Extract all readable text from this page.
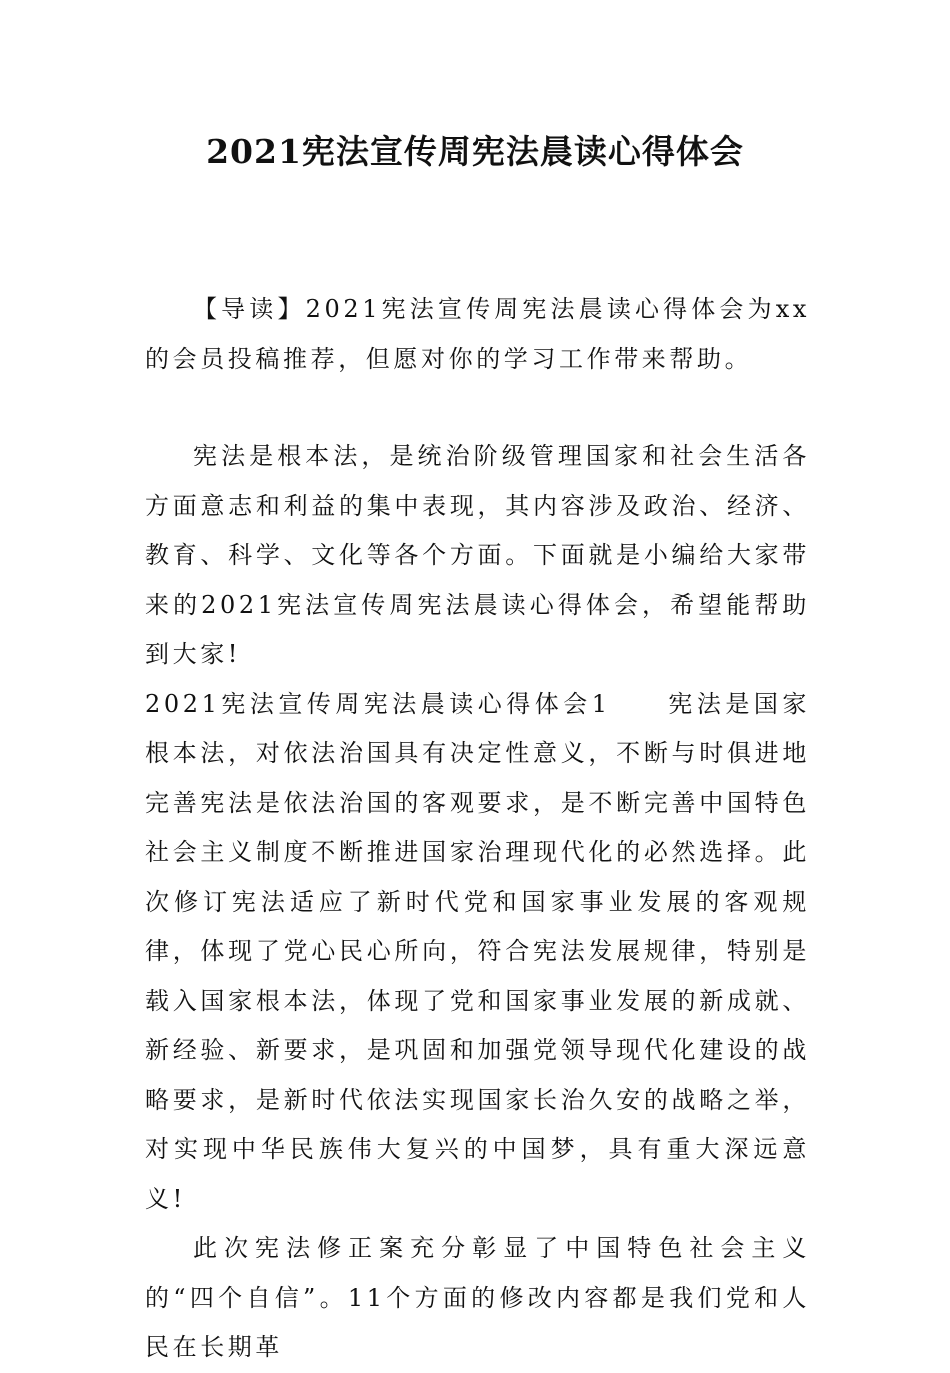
2021宪法宣传周宪法晨读心得体会

【导读】2021宪法宣传周宪法晨读心得体会为xx的会员投稿推荐，但愿对你的学习工作带来帮助。

宪法是根本法，是统治阶级管理国家和社会生活各方面意志和利益的集中表现，其内容涉及政治、经济、教育、科学、文化等各个方面。下面就是小编给大家带来的2021宪法宣传周宪法晨读心得体会，希望能帮助到大家!

2021宪法宣传周宪法晨读心得体会1　　宪法是国家根本法，对依法治国具有决定性意义，不断与时俱进地完善宪法是依法治国的客观要求，是不断完善中国特色社会主义制度不断推进国家治理现代化的必然选择。此次修订宪法适应了新时代党和国家事业发展的客观规律，体现了党心民心所向，符合宪法发展规律，特别是载入国家根本法，体现了党和国家事业发展的新成就、新经验、新要求，是巩固和加强党领导现代化建设的战略要求，是新时代依法实现国家长治久安的战略之举，对实现中华民族伟大复兴的中国梦，具有重大深远意义!

此次宪法修正案充分彰显了中国特色社会主义的“四个自信”。11个方面的修改内容都是我们党和人民在长期革
